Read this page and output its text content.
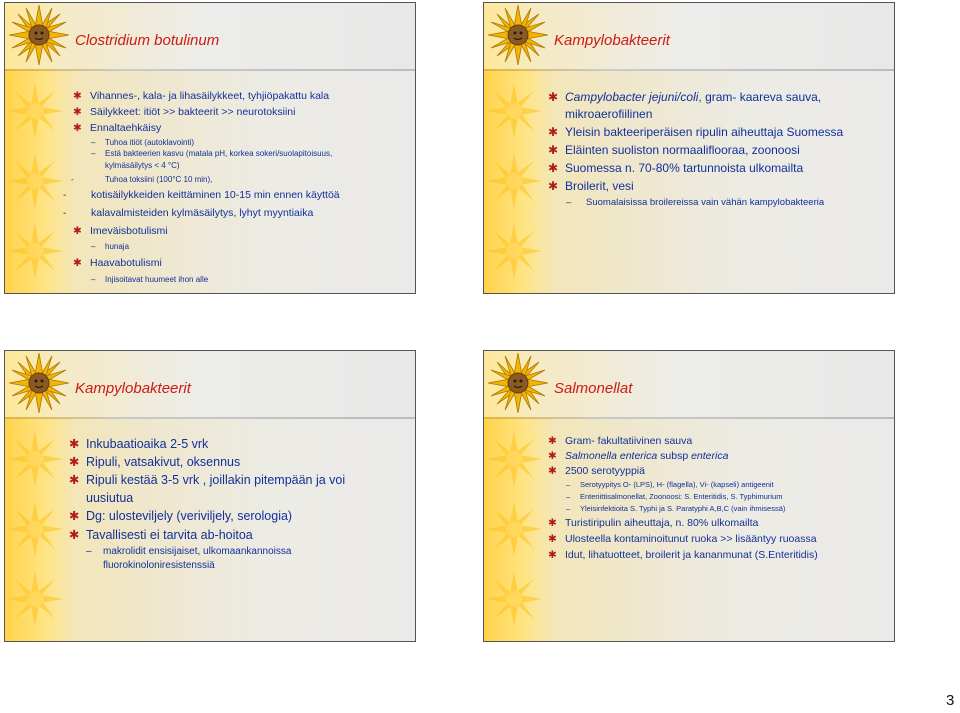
Clostridium botulinum

✱ Vihannes-, kala- ja lihasäilykkeet, tyhjiöpakattu kala

✱ Säilykkeet: itiöt >> bakteerit >> neurotoksiini

✱ Ennaltaehkäisy

– Tuhoa itiöt (autoklavointi)

– Estä bakteerien kasvu (matala pH, korkea sokeri/suolapitoisuus,

kylmäsäilytys < 4 °C)

-	Tuhoa toksiini (100°C 10 min),

- kotisäilykkeiden keittäminen 10-15 min ennen käyttöä

- kalavalmisteiden kylmäsäilytys, lyhyt myyntiaika

✱ Imeväisbotulismi

– hunaja

✱ Haavabotulismi

– Injisoitavat huumeet ihon alle

Kampylobakteerit

✱ Campylobacter jejuni/coli, gram- kaareva sauva,

mikroaerofiilinen

✱ Yleisin bakteeriperäisen ripulin aiheuttaja Suomessa

✱ Eläinten suoliston normaaliflooraa, zoonoosi

✱ Suomessa n. 70-80% tartunnoista ulkomailta

✱ Broilerit, vesi

– Suomalaisissa broilereissa vain vähän kampylobakteeria

Kampylobakteerit

✱ Inkubaatioaika 2-5 vrk

✱ Ripuli, vatsakivut, oksennus

✱ Ripuli kestää 3-5 vrk , joillakin pitempään ja voi

uusiutua

✱ Dg: ulosteviljely (veriviljely, serologia)

✱ Tavallisesti ei tarvita ab-hoitoa

– makrolidit ensisijaiset, ulkomaankannoissa

fluorokinoloniresistenssiä

Salmonellat

✱ Gram- fakultatiivinen sauva

✱ Salmonella enterica subsp enterica

✱ 2500 serotyyppiä

– Serotyypitys O- (LPS), H- (flagella), Vi- (kapseli) antigeenit

– Enteriittisalmonellat, Zoonoosi: S. Enteritidis, S. Typhimurium

– Yleisinfektioita S. Typhi ja S. Paratyphi A,B,C (vain ihmisessä)

✱ Turistiripulin aiheuttaja, n. 80% ulkomailta

✱ Ulosteella kontaminoitunut ruoka >> lisääntyy ruoassa

✱ Idut, lihatuotteet, broilerit ja kananmunat (S.Enteritidis)

3
